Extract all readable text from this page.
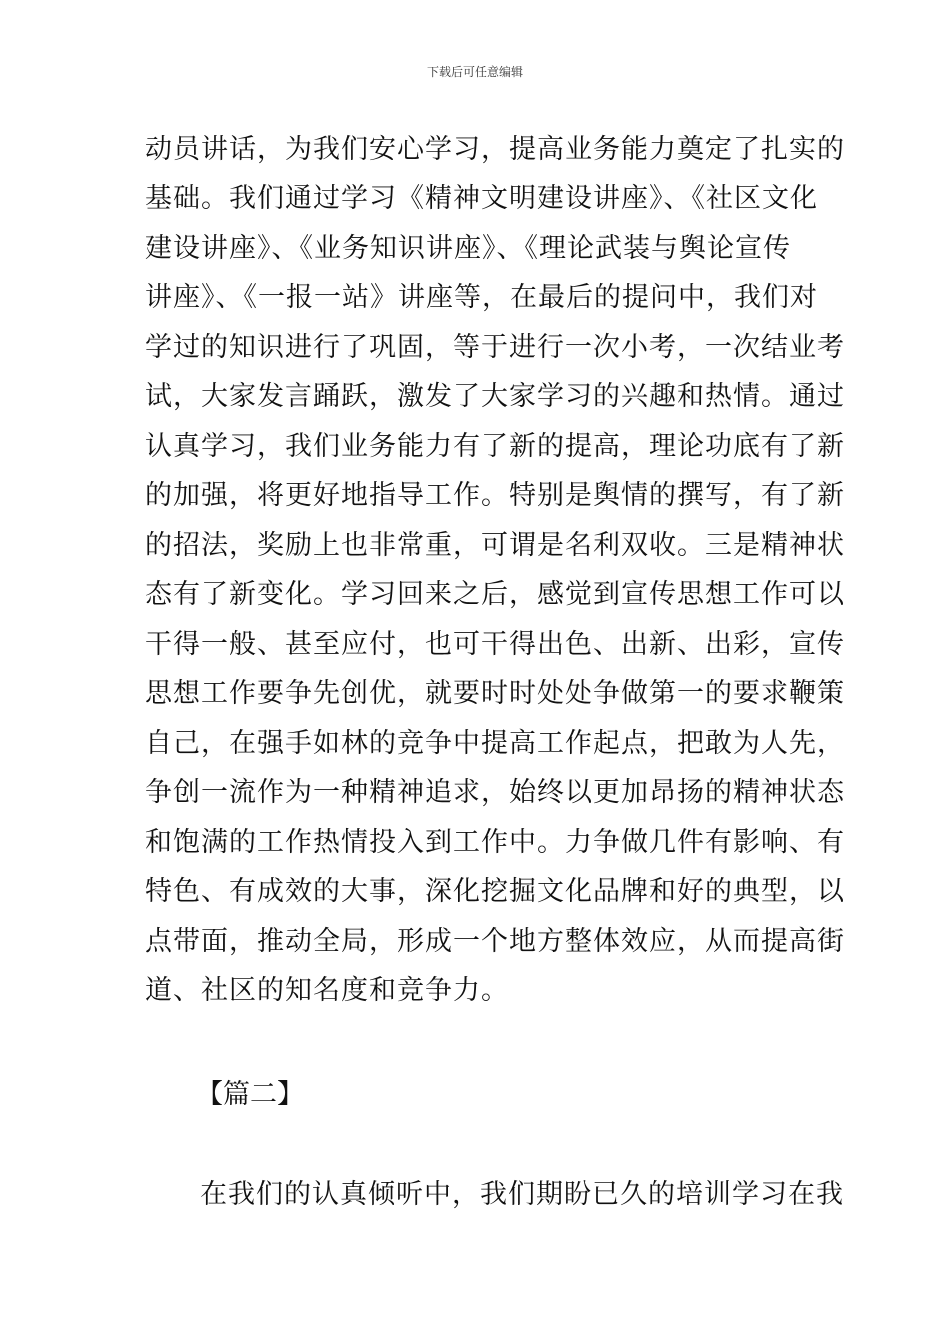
下载后可任意编辑
动员讲话，为我们安心学习，提高业务能力奠定了扎实的
基础。我们通过学习《精神文明建设讲座》、《社区文化
建设讲座》、《业务知识讲座》、《理论武装与舆论宣传
讲座》、《一报一站》讲座等，在最后的提问中，我们对
学过的知识进行了巩固，等于进行一次小考，一次结业考
试，大家发言踊跃，激发了大家学习的兴趣和热情。通过
认真学习，我们业务能力有了新的提高，理论功底有了新
的加强，将更好地指导工作。特别是舆情的撰写，有了新
的招法，奖励上也非常重，可谓是名利双收。三是精神状
态有了新变化。学习回来之后，感觉到宣传思想工作可以
干得一般、甚至应付，也可干得出色、出新、出彩，宣传
思想工作要争先创优，就要时时处处争做第一的要求鞭策
自己，在强手如林的竞争中提高工作起点，把敢为人先，
争创一流作为一种精神追求，始终以更加昂扬的精神状态
和饱满的工作热情投入到工作中。力争做几件有影响、有
特色、有成效的大事，深化挖掘文化品牌和好的典型，以
点带面，推动全局，形成一个地方整体效应，从而提高街
道、社区的知名度和竞争力。
【篇二】
在我们的认真倾听中，我们期盼已久的培训学习在我
